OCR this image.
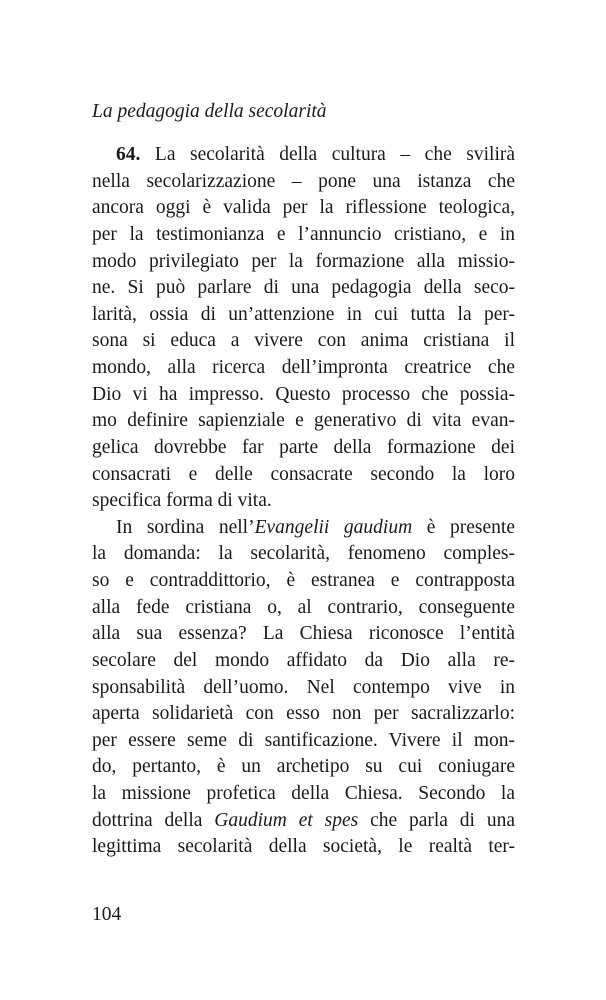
La pedagogia della secolarità
64. La secolarità della cultura – che svilirà
nella secolarizzazione – pone una istanza che
ancora oggi è valida per la riflessione teologica,
per la testimonianza e l’annuncio cristiano, e in
modo privilegiato per la formazione alla missio-
ne. Si può parlare di una pedagogia della seco-
larità, ossia di un’attenzione in cui tutta la per-
sona si educa a vivere con anima cristiana il
mondo, alla ricerca dell’impronta creatrice che
Dio vi ha impresso. Questo processo che possia-
mo definire sapienziale e generativo di vita evan-
gelica dovrebbe far parte della formazione dei
consacrati e delle consacrate secondo la loro
specifica forma di vita.
In sordina nell’Evangelii gaudium è presente
la domanda: la secolarità, fenomeno comples-
so e contraddittorio, è estranea e contrapposta
alla fede cristiana o, al contrario, conseguente
alla sua essenza? La Chiesa riconosce l’entità
secolare del mondo affidato da Dio alla re-
sponsabilità dell’uomo. Nel contempo vive in
aperta solidarietà con esso non per sacralizzarlo:
per essere seme di santificazione. Vivere il mon-
do, pertanto, è un archetipo su cui coniugare
la missione profetica della Chiesa. Secondo la
dottrina della Gaudium et spes che parla di una
legittima secolarità della società, le realtà ter-
104
